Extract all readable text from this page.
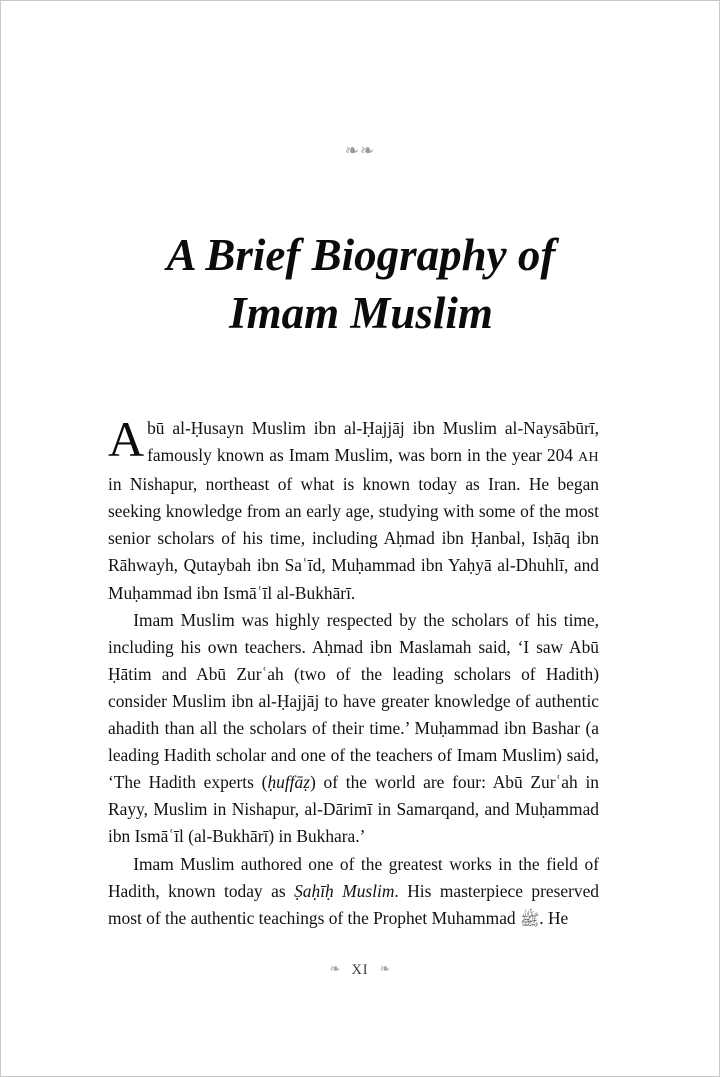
❧❧
A Brief Biography of
Imam Muslim

Abū al-Ḥusayn Muslim ibn al-Ḥajjāj ibn Muslim al-Naysābūrī, famously known as Imam Muslim, was born in the year 204 AH in Nishapur, northeast of what is known today as Iran. He began seeking knowledge from an early age, studying with some of the most senior scholars of his time, including Aḥmad ibn Ḥanbal, Isḥāq ibn Rāhwayh, Qutaybah ibn Saʿīd, Muḥammad ibn Yaḥyā al-Dhuhlī, and Muḥammad ibn Ismāʿīl al-Bukhārī.

Imam Muslim was highly respected by the scholars of his time, including his own teachers. Aḥmad ibn Maslamah said, ‘I saw Abū Ḥātim and Abū Zurʿah (two of the leading scholars of Hadith) consider Muslim ibn al-Ḥajjāj to have greater knowledge of authentic ahadith than all the scholars of their time.’ Muḥammad ibn Bashar (a leading Hadith scholar and one of the teachers of Imam Muslim) said, ‘The Hadith experts (ḥuffāẓ) of the world are four: Abū Zurʿah in Rayy, Muslim in Nishapur, al-Dārimī in Samarqand, and Muḥammad ibn Ismāʿīl (al-Bukhārī) in Bukhara.’

Imam Muslim authored one of the greatest works in the field of Hadith, known today as Ṣaḥīḥ Muslim. His masterpiece preserved most of the authentic teachings of the Prophet Muhammad ﷺ. He

❧ XI ❧
